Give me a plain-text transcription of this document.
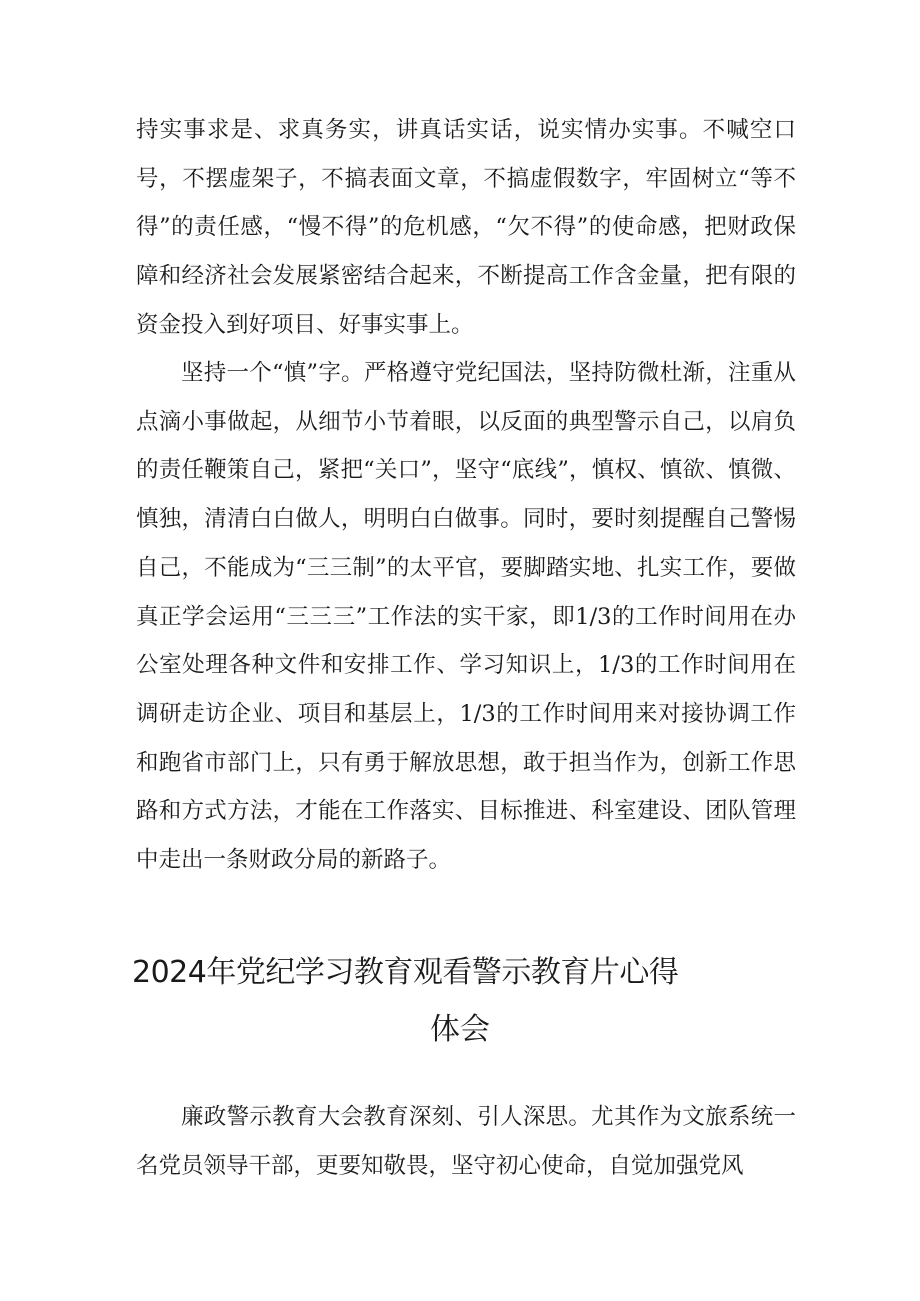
持实事求是、求真务实，讲真话实话，说实情办实事。不喊空口号，不摆虚架子，不搞表面文章，不搞虚假数字，牢固树立“等不得”的责任感，“慢不得”的危机感，“欠不得”的使命感，把财政保障和经济社会发展紧密结合起来，不断提高工作含金量，把有限的资金投入到好项目、好事实事上。

坚持一个“慎”字。严格遵守党纪国法，坚持防微杜渐，注重从点滴小事做起，从细节小节着眼，以反面的典型警示自己，以肩负的责任鞭策自己，紧把“关口”，坚守“底线”，慎权、慎欲、慎微、慎独，清清白白做人，明明白白做事。同时，要时刻提醒自己警惕自己，不能成为“三三制”的太平官，要脚踏实地、扎实工作，要做真正学会运用“三三三”工作法的实干家，即1/3的工作时间用在办公室处理各种文件和安排工作、学习知识上，1/3的工作时间用在调研走访企业、项目和基层上，1/3的工作时间用来对接协调工作和跑省市部门上，只有勇于解放思想，敢于担当作为，创新工作思路和方式方法，才能在工作落实、目标推进、科室建设、团队管理中走出一条财政分局的新路子。

2024年党纪学习教育观看警示教育片心得
体会

廉政警示教育大会教育深刻、引人深思。尤其作为文旅系统一名党员领导干部，更要知敬畏，坚守初心使命，自觉加强党风
